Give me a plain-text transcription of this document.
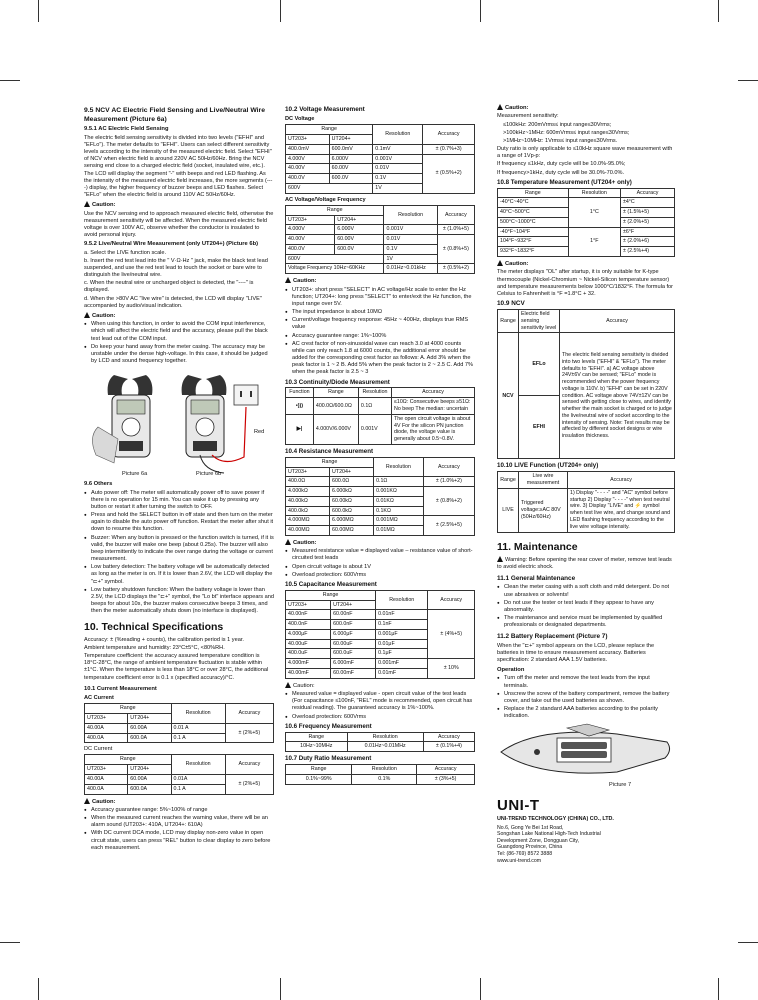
9.5 NCV AC Electric Field Sensing and Live/Neutral Wire Measurement (Picture 6a)
9.5.1 AC Electric Field Sensing

The electric field sensing sensitivity is divided into two levels ("EFHI" and "EFLo"). The meter defaults to "EFHI". Users can select different sensitivity levels according to the intensity of the measured electric field. Select "EFHI" of NCV when electric field is around 220V AC 50Hz/60Hz. Bring the NCV sensing end close to a charged electric field (socket, insulated wire, etc.). The LCD will display the segment "-" with beeps and red LED flashing. As the intensity of the measured electric field increases, the more segments (----) display, the higher frequency of buzzer beeps and LED flashes. Select "EFLo" when the electric field is around 110V AC 50Hz/60Hz.

Caution:

Use the NCV sensing end to approach measured electric field, otherwise the measurement sensitivity will be affected. When the measured electric field voltage is over 100V AC, observe whether the conductor is insulated to avoid personal injury.

9.5.2 Live/Neutral Wire Measurement (only UT204+) (Picture 6b)

a. Select the LIVE function scale.

b. Insert the red test lead into the " V·Ω·Hz " jack, make the black test lead suspended, and use the red test lead to touch the socket or bare wire to distinguish the live/neutral wire.

c. When the neutral wire or uncharged object is detected, the "----" is displayed.

d. When the >80V AC "live wire" is detected, the LCD will display "LIVE" accompanied by audio/visual indication.

Caution:
● When using this function, in order to avoid the COM input interference, which will affect the electric field and the accuracy, please pull the black test lead out of the COM input.
● Do keep your hand away from the meter casing. The accuracy may be unstable under the dense high-voltage. In this case, it should be judged by LCD and sound frequency together.
Red
Picture 6a	Picture 6b
9.6 Others
● Auto power off: The meter will automatically power off to save power if there is no operation for 15 min. You can wake it up by pressing any button or restart it after turning the switch to OFF.
● Press and hold the SELECT button in off state and then turn on the meter again to disable the auto power off function. Restart the meter after shut it down to resume this function.
● Buzzer: When any button is pressed or the function switch is turned, if it is valid, the buzzer will make one beep (about 0.25s). The buzzer will also beep intermittently to indicate the over range during the voltage or current measurement.
● Low battery detection: The battery voltage will be automatically detected as long as the meter is on. If it is lower than 2.6V, the LCD will display the "⊏+" symbol.
● Low battery shutdown function: When the battery voltage is lower than 2.5V, the LCD displays the "⊏+" symbol, the "Lo bt" interface appears and beeps for about 10s, the buzzer makes consecutive beeps 3 times, and then the meter automatically shuts down (no interface is displayed).
10. Technical Specifications

Accuracy: ± (%reading + counts), the calibration period is 1 year.

Ambient temperature and humidity: 23°C±5°C, <80%RH.

Temperature coefficient: the accuracy assured temperature condition is 18°C-28°C, the range of ambient temperature fluctuation is stable within ±1°C. When the temperature is less than 18°C or over 28°C, the additional temperature coefficient error is 0.1 x (specified accuracy)/°C.

10.1 Current Measurement
AC Current
Range		Resolution	Accuracy
UT203+	UT204+		
40.00A	60.00A	0.01 A	± (2%+5)
400.0A	600.0A	0.1 A	
DC Current
Range		Resolution	Accuracy
UT203+	UT204+		
40.00A	60.00A	0.01A	± (2%+5)
400.0A	600.0A	0.1 A	
Caution:
● Accuracy guarantee range: 5%~100% of range
● When the measured current reaches the warning value, there will be an alarm sound (UT203+: 410A, UT204+: 610A)
● With DC current DCA mode, LCD may display non-zero value in open circuit state, users can press "REL" button to clear display to zero before each measurement.
10.2 Voltage Measurement
DC Voltage
Range		Resolution	Accuracy
UT203+	UT204+		
400.0mV	600.0mV	0.1mV	± (0.7%+3)
4.000V	6.000V	0.001V	± (0.5%+2)
40.00V	60.00V	0.01V	
400.0V	600.0V	0.1V	
600V		1V	
AC Voltage/Voltage Frequency
Range		Resolution	Accuracy
UT203+	UT204+		
4.000V	6.000V	0.001V	± (1.0%+5)
40.00V	60.00V	0.01V	± (0.8%+5)
400.0V	600.0V	0.1V	
600V		1V	
Voltage Frequency 10Hz~60KHz		0.01Hz~0.01kHz	± (0.5%+2)
Caution:
● UT203+: short press "SELECT" in AC voltage/Hz scale to enter the Hz function; UT204+: long press "SELECT" to enter/exit the Hz function, the input range over 5V.
● The input impedance is about 10MΩ
● Current/voltage frequency response: 45Hz ~ 400Hz, displays true RMS value
● Accuracy guarantee range: 1%~100%
● AC crest factor of non-sinusoidal wave can reach 3.0 at 4000 counts while can only reach 1.8 at 6000 counts, the additional error should be added for the corresponding crest factor as follows: A. Add 3% when the peak factor is 1 ~ 2 B. Add 5% when the peak factor is 2 ~ 2.5 C. Add 7% when the peak factor is 2.5 ~ 3
10.3 Continuity/Diode Measurement
Function	Range	Resolution	Accuracy
•)))	400.0Ω/600.0Ω	0.1Ω	≤10Ω: Consecutive beeps ≥51Ω: No beep The median: uncertain
▶|	4.000V/6.000V	0.001V	The open circuit voltage is about 4V For the silicon PN junction diode, the voltage value is generally about 0.5~0.8V.
10.4 Resistance Measurement
Range		Resolution	Accuracy
UT203+	UT204+		
400.0Ω	600.0Ω	0.1Ω	± (1.0%+2)
4.000kΩ	6.000kΩ	0.001KΩ	± (0.8%+2)
40.00kΩ	60.00kΩ	0.01KΩ	
400.0kΩ	600.0kΩ	0.1KΩ	
4.000MΩ	6.000MΩ	0.001MΩ	± (2.5%+5)
40.00MΩ	60.00MΩ	0.01MΩ	
Caution:
● Measured resistance value = displayed value – resistance value of short-circuited test leads
● Open circuit voltage is about 1V
● Overload protection: 600Vrms
10.5 Capacitance Measurement
Range		Resolution	Accuracy
UT203+	UT204+		
40.00nF	60.00nF	0.01nF	± (4%+5)
400.0nF	600.0nF	0.1nF	
4.000μF	6.000μF	0.001μF	
40.00uF	60.00uF	0.01μF	
400.0uF	600.0uF	0.1μF	
4.000mF	6.000mF	0.001mF	± 10%
40.00mF	60.00mF	0.01mF	
Caution:
● Measured value = displayed value - open circuit value of the test leads (For capacitance ≤100nF, "REL" mode is recommended, open circuit has residual reading). The guaranteed accuracy is 1%~100%.
● Overload protection: 600Vrms
10.6 Frequency Measurement
Range	Resolution	Accuracy
10Hz~10MHz	0.01Hz~0.01MHz	± (0.1%+4)
10.7 Duty Ratio Measurement
Range	Resolution	Accuracy
0.1%~99%	0.1%	± (3%+5)
Caution:

Measurement sensitivity:

≤100kHz: 200mVrms≤ input range≤30Vrms;

>100kHz~1MHz: 600mVrms≤ input range≤30Vrms;

>1MHz~10MHz: 1Vrms≤ input range≤30Vrms.

Duty ratio is only applicable to ≤10kHz square wave measurement with a range of 1Vp-p:

If frequency ≤1kHz, duty cycle will be 10.0%-95.0%;

If frequency>1kHz, duty cycle will be 30.0%-70.0%.

10.8 Temperature Measurement (UT204+ only)
Range	Resolution	Accuracy
-40°C~40°C	1°C	±4°C
40°C~500°C		± (1.5%+5)
500°C~1000°C		± (2.0%+5)
-40°F~104°F	1°F	±6°F
104°F~932°F		± (2.0%+6)
932°F~1832°F		± (2.5%+4)
Caution:

The meter displays "OL" after startup, it is only suitable for K-type thermocouple (Nickel-Chromium ~ Nickel-Silicon temperature sensor) and temperature measurements below 1000°C/1832°F. The formula for Celsius to Fahrenheit is °F =1.8°C + 32.

10.9 NCV
Range	Electric field sensing sensitivity level	Accuracy
NCV	EFLo	The electric field sensing sensitivity is divided into two levels ("EFHI" & "EFLo"). The meter defaults to "EFHI". a) AC voltage above 24V±6V can be sensed; "EFLo" mode is recommended when the power frequency voltage is 110V. b) "EFHI" can be set in 220V condition. AC voltage above 74V±12V can be sensed with getting close to wires, and identify whether the main socket is charged or to judge the live/neutral wire of socket according to the intensity of sensing. Note: Test results may be affected by different socket designs or wire insulation thickness.
	EFHI	
10.10 LIVE Function (UT204+ only)
Range	Live wire measurement	Accuracy
LIVE	Triggered voltage:≥AC 80V (50Hz/60Hz)	1) Display "- - - -" and "AC" symbol before startup 2) Display "- - - -" when test neutral wire. 3) Display "LIVE" and ⚡ symbol when test live wire, and change sound and LED flashing frequency according to the live wire voltage intensity.
11. Maintenance

Warning: Before opening the rear cover of meter, remove test leads to avoid electric shock.

11.1 General Maintenance
● Clean the meter casing with a soft cloth and mild detergent. Do not use abrasives or solvents!
● Do not use the tester or test leads if they appear to have any abnormality.
● The maintenance and service must be implemented by qualified professionals or designated departments.
11.2 Battery Replacement (Picture 7)

When the "⊏+" symbol appears on the LCD, please replace the batteries in time to ensure measurement accuracy. Batteries specification: 2 standard AAA 1.5V batteries.

Operation
● Turn off the meter and remove the test leads from the input terminals.
● Unscrew the screw of the battery compartment, remove the battery cover, and take out the used batteries as shown.
● Replace the 2 standard AAA batteries according to the polarity indication.
Picture 7
UNI-T
UNI-TREND TECHNOLOGY (CHINA) CO., LTD.
No.6, Gong Ye Bei 1st Road,
Songshan Lake National High-Tech Industrial
Development Zone, Dongguan City,
Guangdong Province, China
Tel: (86-769) 8572 3888
www.uni-trend.com
